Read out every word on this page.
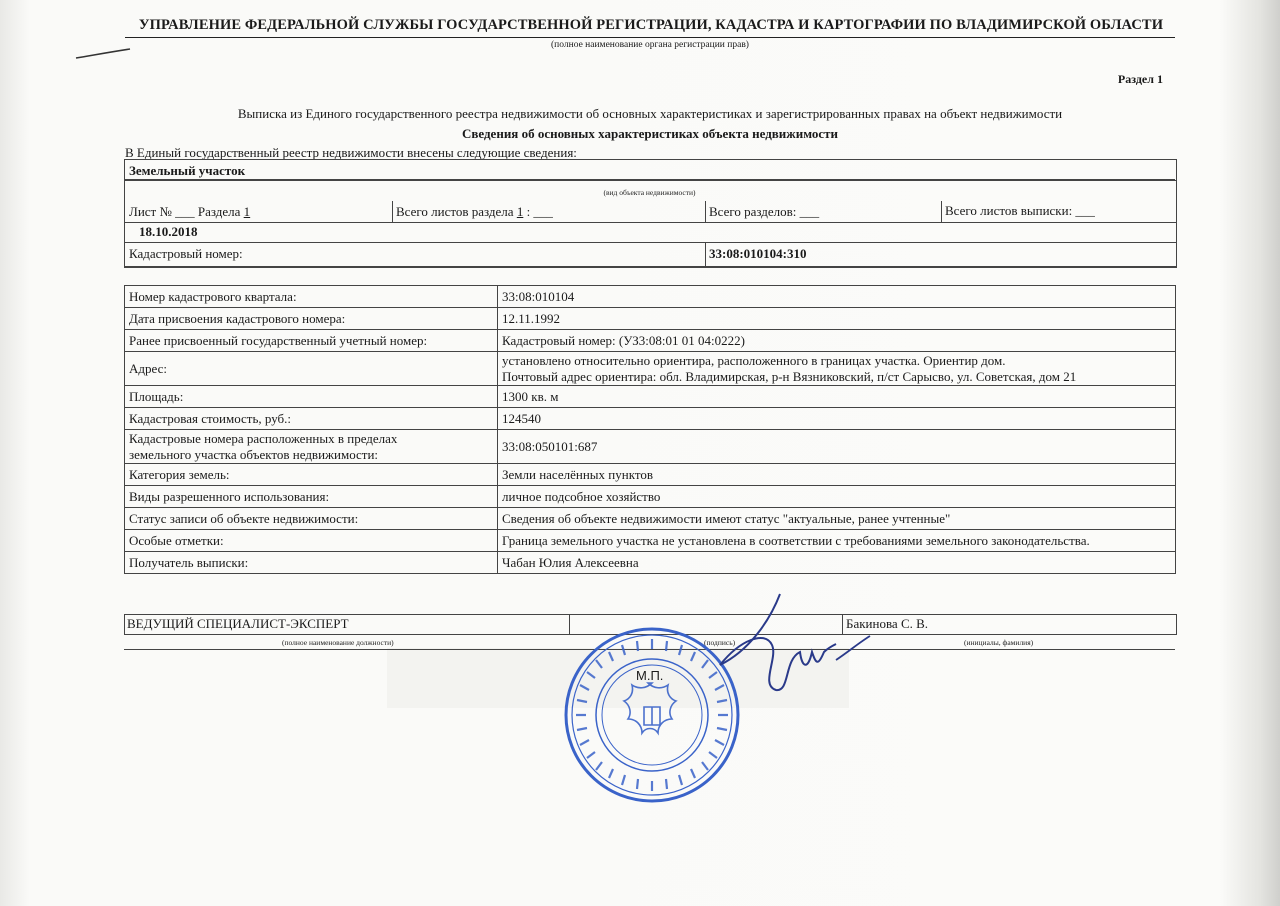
УПРАВЛЕНИЕ ФЕДЕРАЛЬНОЙ СЛУЖБЫ ГОСУДАРСТВЕННОЙ РЕГИСТРАЦИИ, КАДАСТРА И КАРТОГРАФИИ ПО ВЛАДИМИРСКОЙ ОБЛАСТИ
(полное наименование органа регистрации прав)
Раздел 1
Выписка из Единого государственного реестра недвижимости об основных характеристиках и зарегистрированных правах на объект недвижимости
Сведения об основных характеристиках объекта недвижимости
В Единый государственный реестр недвижимости внесены следующие сведения:
Земельный участок
Лист № ___ Раздела 1	Всего листов раздела 1 : ___	Всего разделов: ___	Всего листов выписки: ___
18.10.2018
Кадастровый номер:	33:08:010104:310
(вид объекта недвижимости)
Номер кадастрового квартала:	33:08:010104
Дата присвоения кадастрового номера:	12.11.1992
Ранее присвоенный государственный учетный номер:	Кадастровый номер: (УЗ3:08:01 01 04:0222)
Адрес:	установлено относительно ориентира, расположенного в границах участка. Ориентир дом.
Почтовый адрес ориентира: обл. Владимирская, р-н Вязниковский, п/ст Сарысво, ул. Советская, дом 21

Площадь:	1300 кв. м
Кадастровая стоимость, руб.:	124540

Кадастровые номера расположенных в пределах
земельного участка объектов недвижимости:	33:08:050101:687
Категория земель:	Земли населённых пунктов
Виды разрешенного использования:	личное подсобное хозяйство
Статус записи об объекте недвижимости:	Сведения об объекте недвижимости имеют статус "актуальные, ранее учтенные"
Особые отметки:	Граница земельного участка не установлена в соответствии с требованиями земельного законодательства.
Получатель выписки:	Чабан Юлия Алексеевна
ВЕДУЩИЙ СПЕЦИАЛИСТ-ЭКСПЕРТ	Бакинова С. В.
(полное наименование должности)	(подпись)	(инициалы, фамилия)
М.П.
